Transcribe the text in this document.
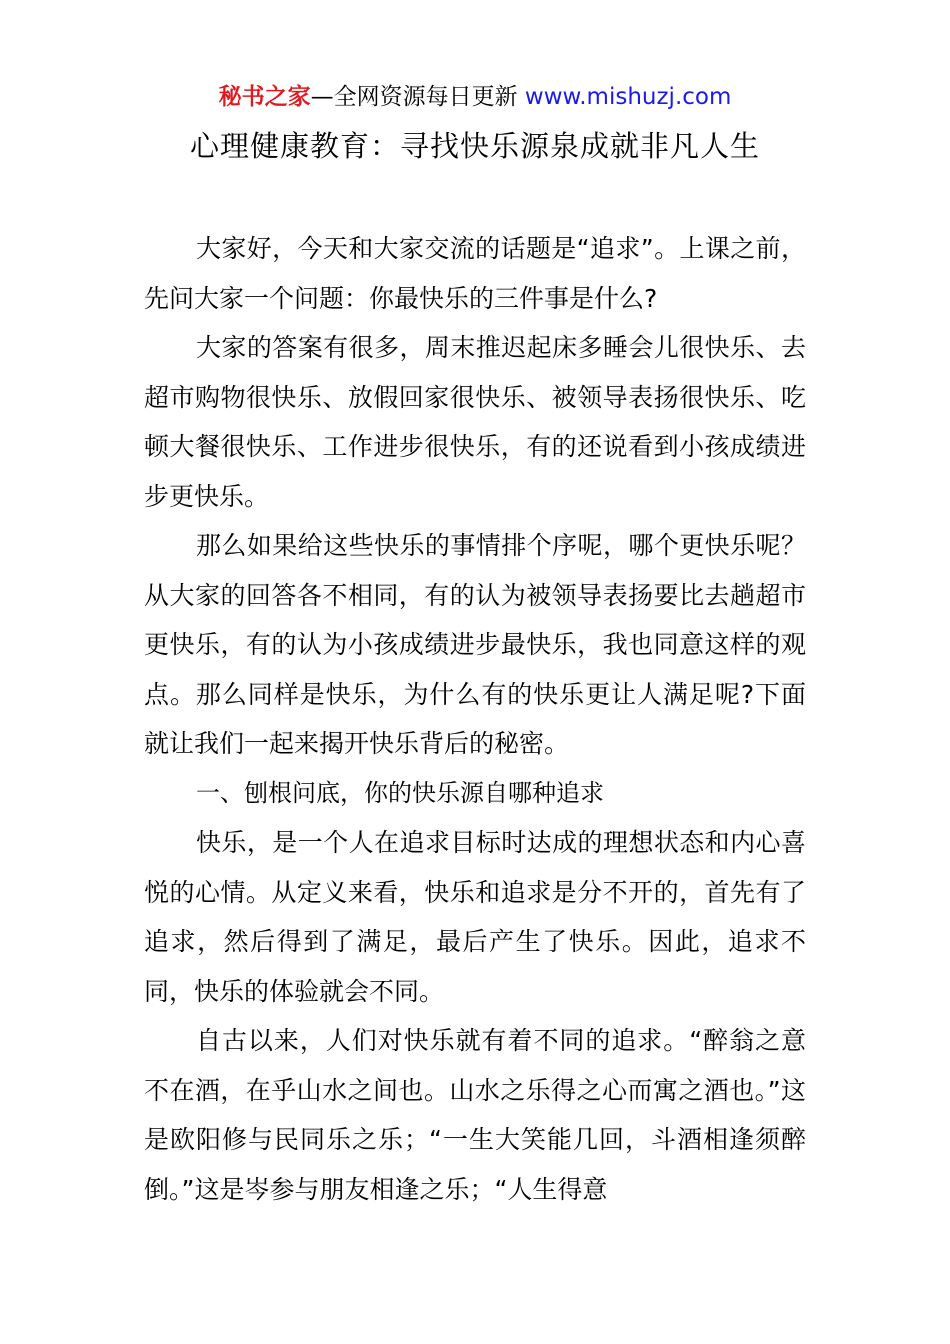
秘书之家—全网资源每日更新 www.mishuzj.com
心理健康教育：寻找快乐源泉成就非凡人生

大家好，今天和大家交流的话题是“追求”。上课之前，先问大家一个问题：你最快乐的三件事是什么?

大家的答案有很多，周末推迟起床多睡会儿很快乐、去超市购物很快乐、放假回家很快乐、被领导表扬很快乐、吃顿大餐很快乐、工作进步很快乐，有的还说看到小孩成绩进步更快乐。

那么如果给这些快乐的事情排个序呢，哪个更快乐呢？从大家的回答各不相同，有的认为被领导表扬要比去趟超市更快乐，有的认为小孩成绩进步最快乐，我也同意这样的观点。那么同样是快乐，为什么有的快乐更让人满足呢?下面就让我们一起来揭开快乐背后的秘密。

一、刨根问底，你的快乐源自哪种追求

快乐，是一个人在追求目标时达成的理想状态和内心喜悦的心情。从定义来看，快乐和追求是分不开的，首先有了追求，然后得到了满足，最后产生了快乐。因此，追求不同，快乐的体验就会不同。

自古以来，人们对快乐就有着不同的追求。“醉翁之意不在酒，在乎山水之间也。山水之乐得之心而寓之酒也。”这是欧阳修与民同乐之乐；“一生大笑能几回，斗酒相逢须醉倒。”这是岑参与朋友相逢之乐；“人生得意
